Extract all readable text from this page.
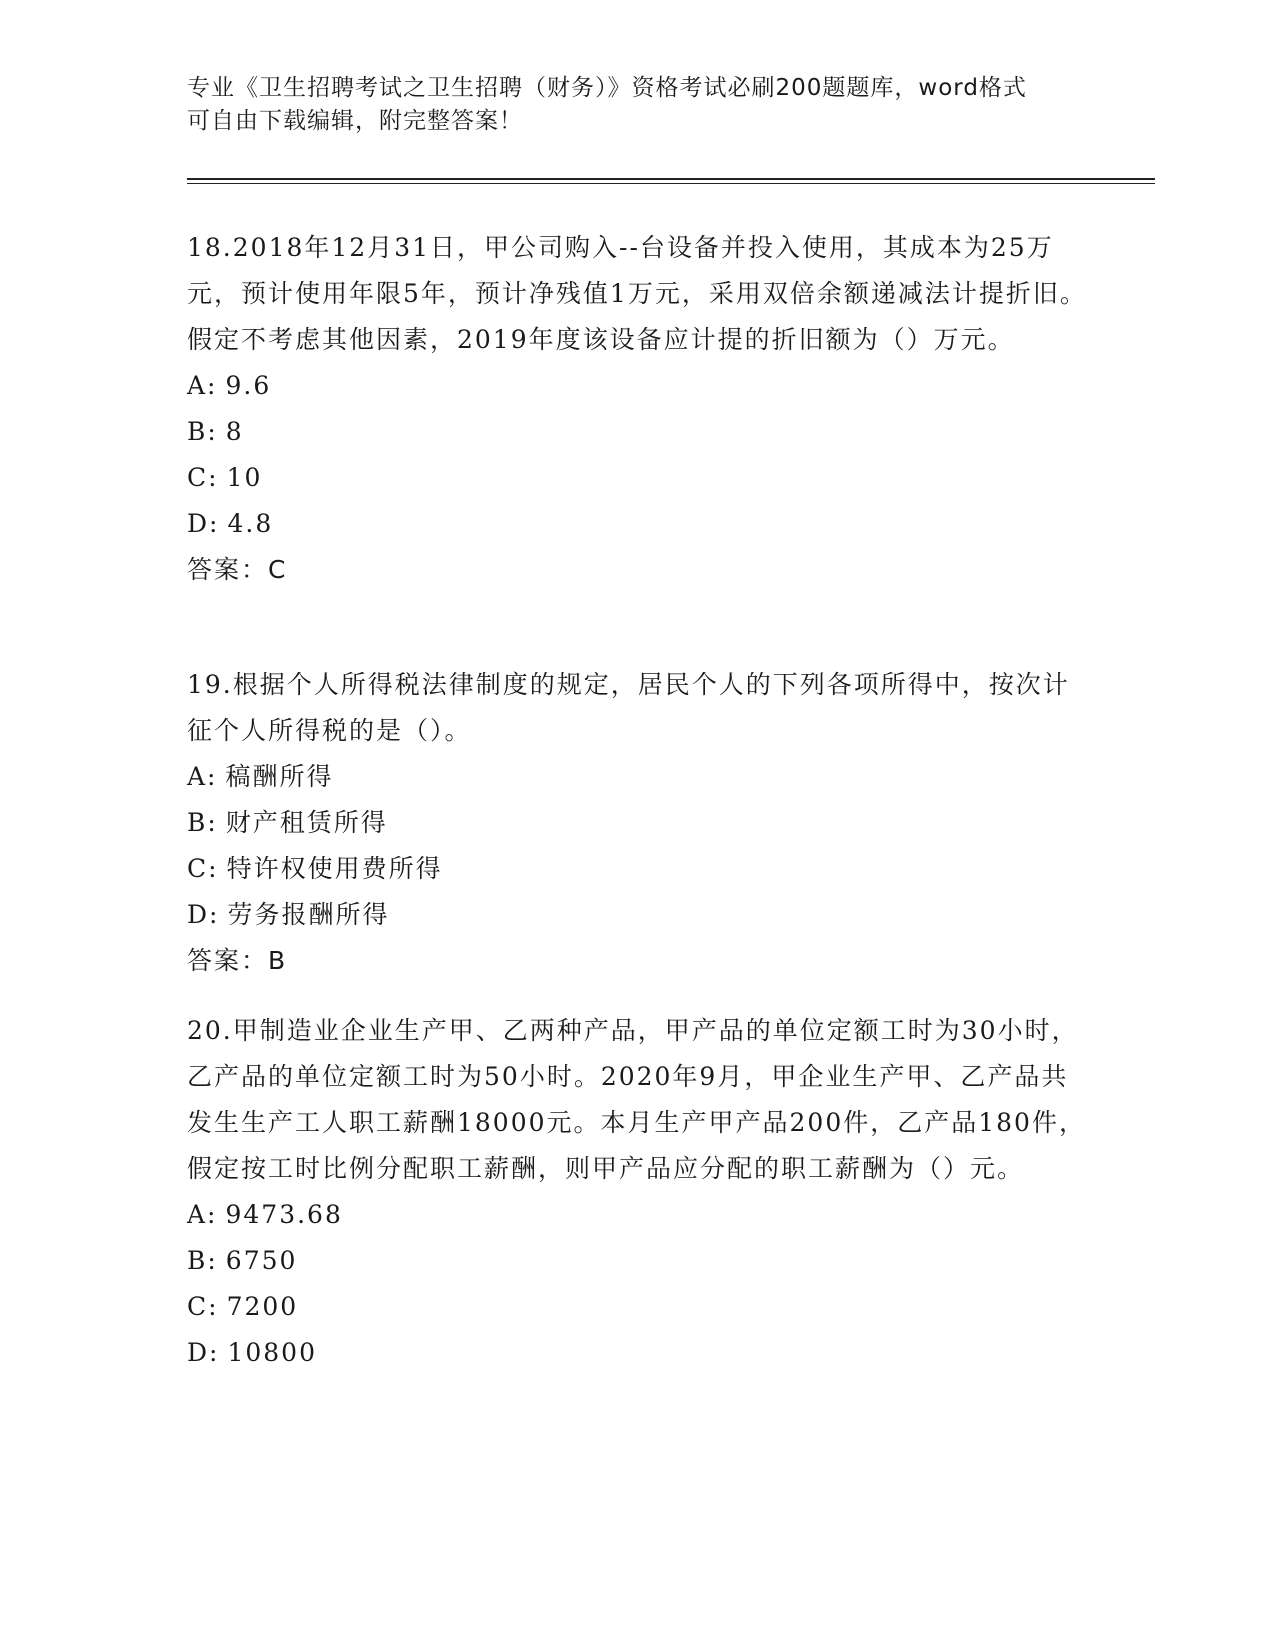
专业《卫生招聘考试之卫生招聘（财务）》资格考试必刷200题题库，word格式
可自由下载编辑，附完整答案！

18.2018年12月31日，甲公司购入--台设备并投入使用，其成本为25万元，预计使用年限5年，预计净残值1万元，采用双倍余额递减法计提折旧。假定不考虑其他因素，2019年度该设备应计提的折旧额为（）万元。

A: 9.6
B: 8
C: 10
D: 4.8
答案：C

19.根据个人所得税法律制度的规定，居民个人的下列各项所得中，按次计征个人所得税的是（）。

A: 稿酬所得
B: 财产租赁所得
C: 特许权使用费所得
D: 劳务报酬所得
答案：B

20.甲制造业企业生产甲、乙两种产品，甲产品的单位定额工时为30小时，乙产品的单位定额工时为50小时。2020年9月，甲企业生产甲、乙产品共发生生产工人职工薪酬18000元。本月生产甲产品200件，乙产品180件，假定按工时比例分配职工薪酬，则甲产品应分配的职工薪酬为（）元。

A: 9473.68
B: 6750
C: 7200
D: 10800
